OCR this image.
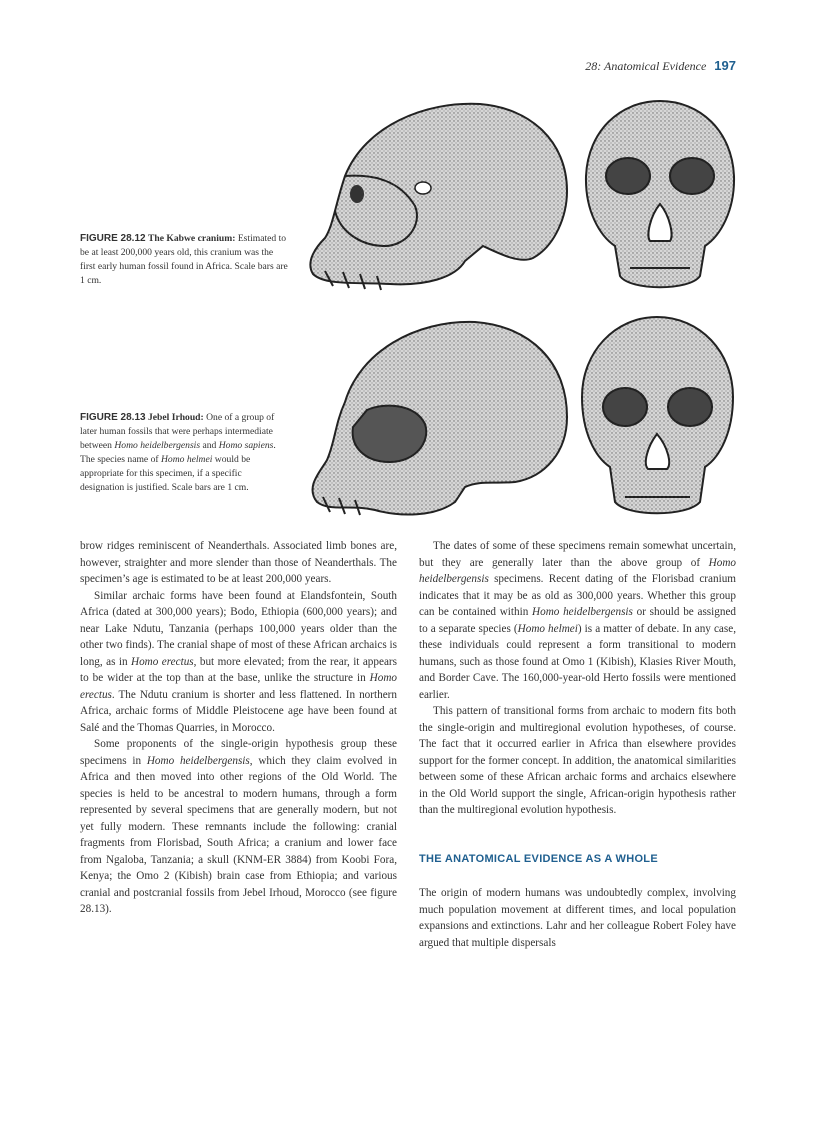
28: Anatomical Evidence 197
FIGURE 28.12 The Kabwe cranium: Estimated to be at least 200,000 years old, this cranium was the first early human fossil found in Africa. Scale bars are 1 cm.
FIGURE 28.13 Jebel Irhoud: One of a group of later human fossils that were perhaps intermediate between Homo heidelbergensis and Homo sapiens. The species name of Homo helmei would be appropriate for this specimen, if a specific designation is justified. Scale bars are 1 cm.

brow ridges reminiscent of Neanderthals. Associated limb bones are, however, straighter and more slender than those of Neanderthals. The specimen’s age is estimated to be at least 200,000 years.

Similar archaic forms have been found at Elandsfontein, South Africa (dated at 300,000 years); Bodo, Ethiopia (600,000 years); and near Lake Ndutu, Tanzania (perhaps 100,000 years older than the other two finds). The cranial shape of most of these African archaics is long, as in Homo erectus, but more elevated; from the rear, it appears to be wider at the top than at the base, unlike the structure in Homo erectus. The Ndutu cranium is shorter and less flattened. In northern Africa, archaic forms of Middle Pleistocene age have been found at Salé and the Thomas Quarries, in Morocco.

Some proponents of the single-origin hypothesis group these specimens in Homo heidelbergensis, which they claim evolved in Africa and then moved into other regions of the Old World. The species is held to be ancestral to modern humans, through a form represented by several specimens that are generally modern, but not yet fully modern. These remnants include the following: cranial fragments from Florisbad, South Africa; a cranium and lower face from Ngaloba, Tanzania; a skull (KNM-ER 3884) from Koobi Fora, Kenya; the Omo 2 (Kibish) brain case from Ethiopia; and various cranial and postcranial fossils from Jebel Irhoud, Morocco (see figure 28.13).

The dates of some of these specimens remain somewhat uncertain, but they are generally later than the above group of Homo heidelbergensis specimens. Recent dating of the Florisbad cranium indicates that it may be as old as 300,000 years. Whether this group can be contained within Homo heidelbergensis or should be assigned to a separate species (Homo helmei) is a matter of debate. In any case, these individuals could represent a form transitional to modern humans, such as those found at Omo 1 (Kibish), Klasies River Mouth, and Border Cave. The 160,000-year-old Herto fossils were mentioned earlier.

This pattern of transitional forms from archaic to modern fits both the single-origin and multiregional evolution hypotheses, of course. The fact that it occurred earlier in Africa than elsewhere provides support for the former concept. In addition, the anatomical similarities between some of these African archaic forms and archaics elsewhere in the Old World support the single, African-origin hypothesis rather than the multiregional evolution hypothesis.

THE ANATOMICAL EVIDENCE AS A WHOLE

The origin of modern humans was undoubtedly complex, involving much population movement at different times, and local population expansions and extinctions. Lahr and her colleague Robert Foley have argued that multiple dispersals
